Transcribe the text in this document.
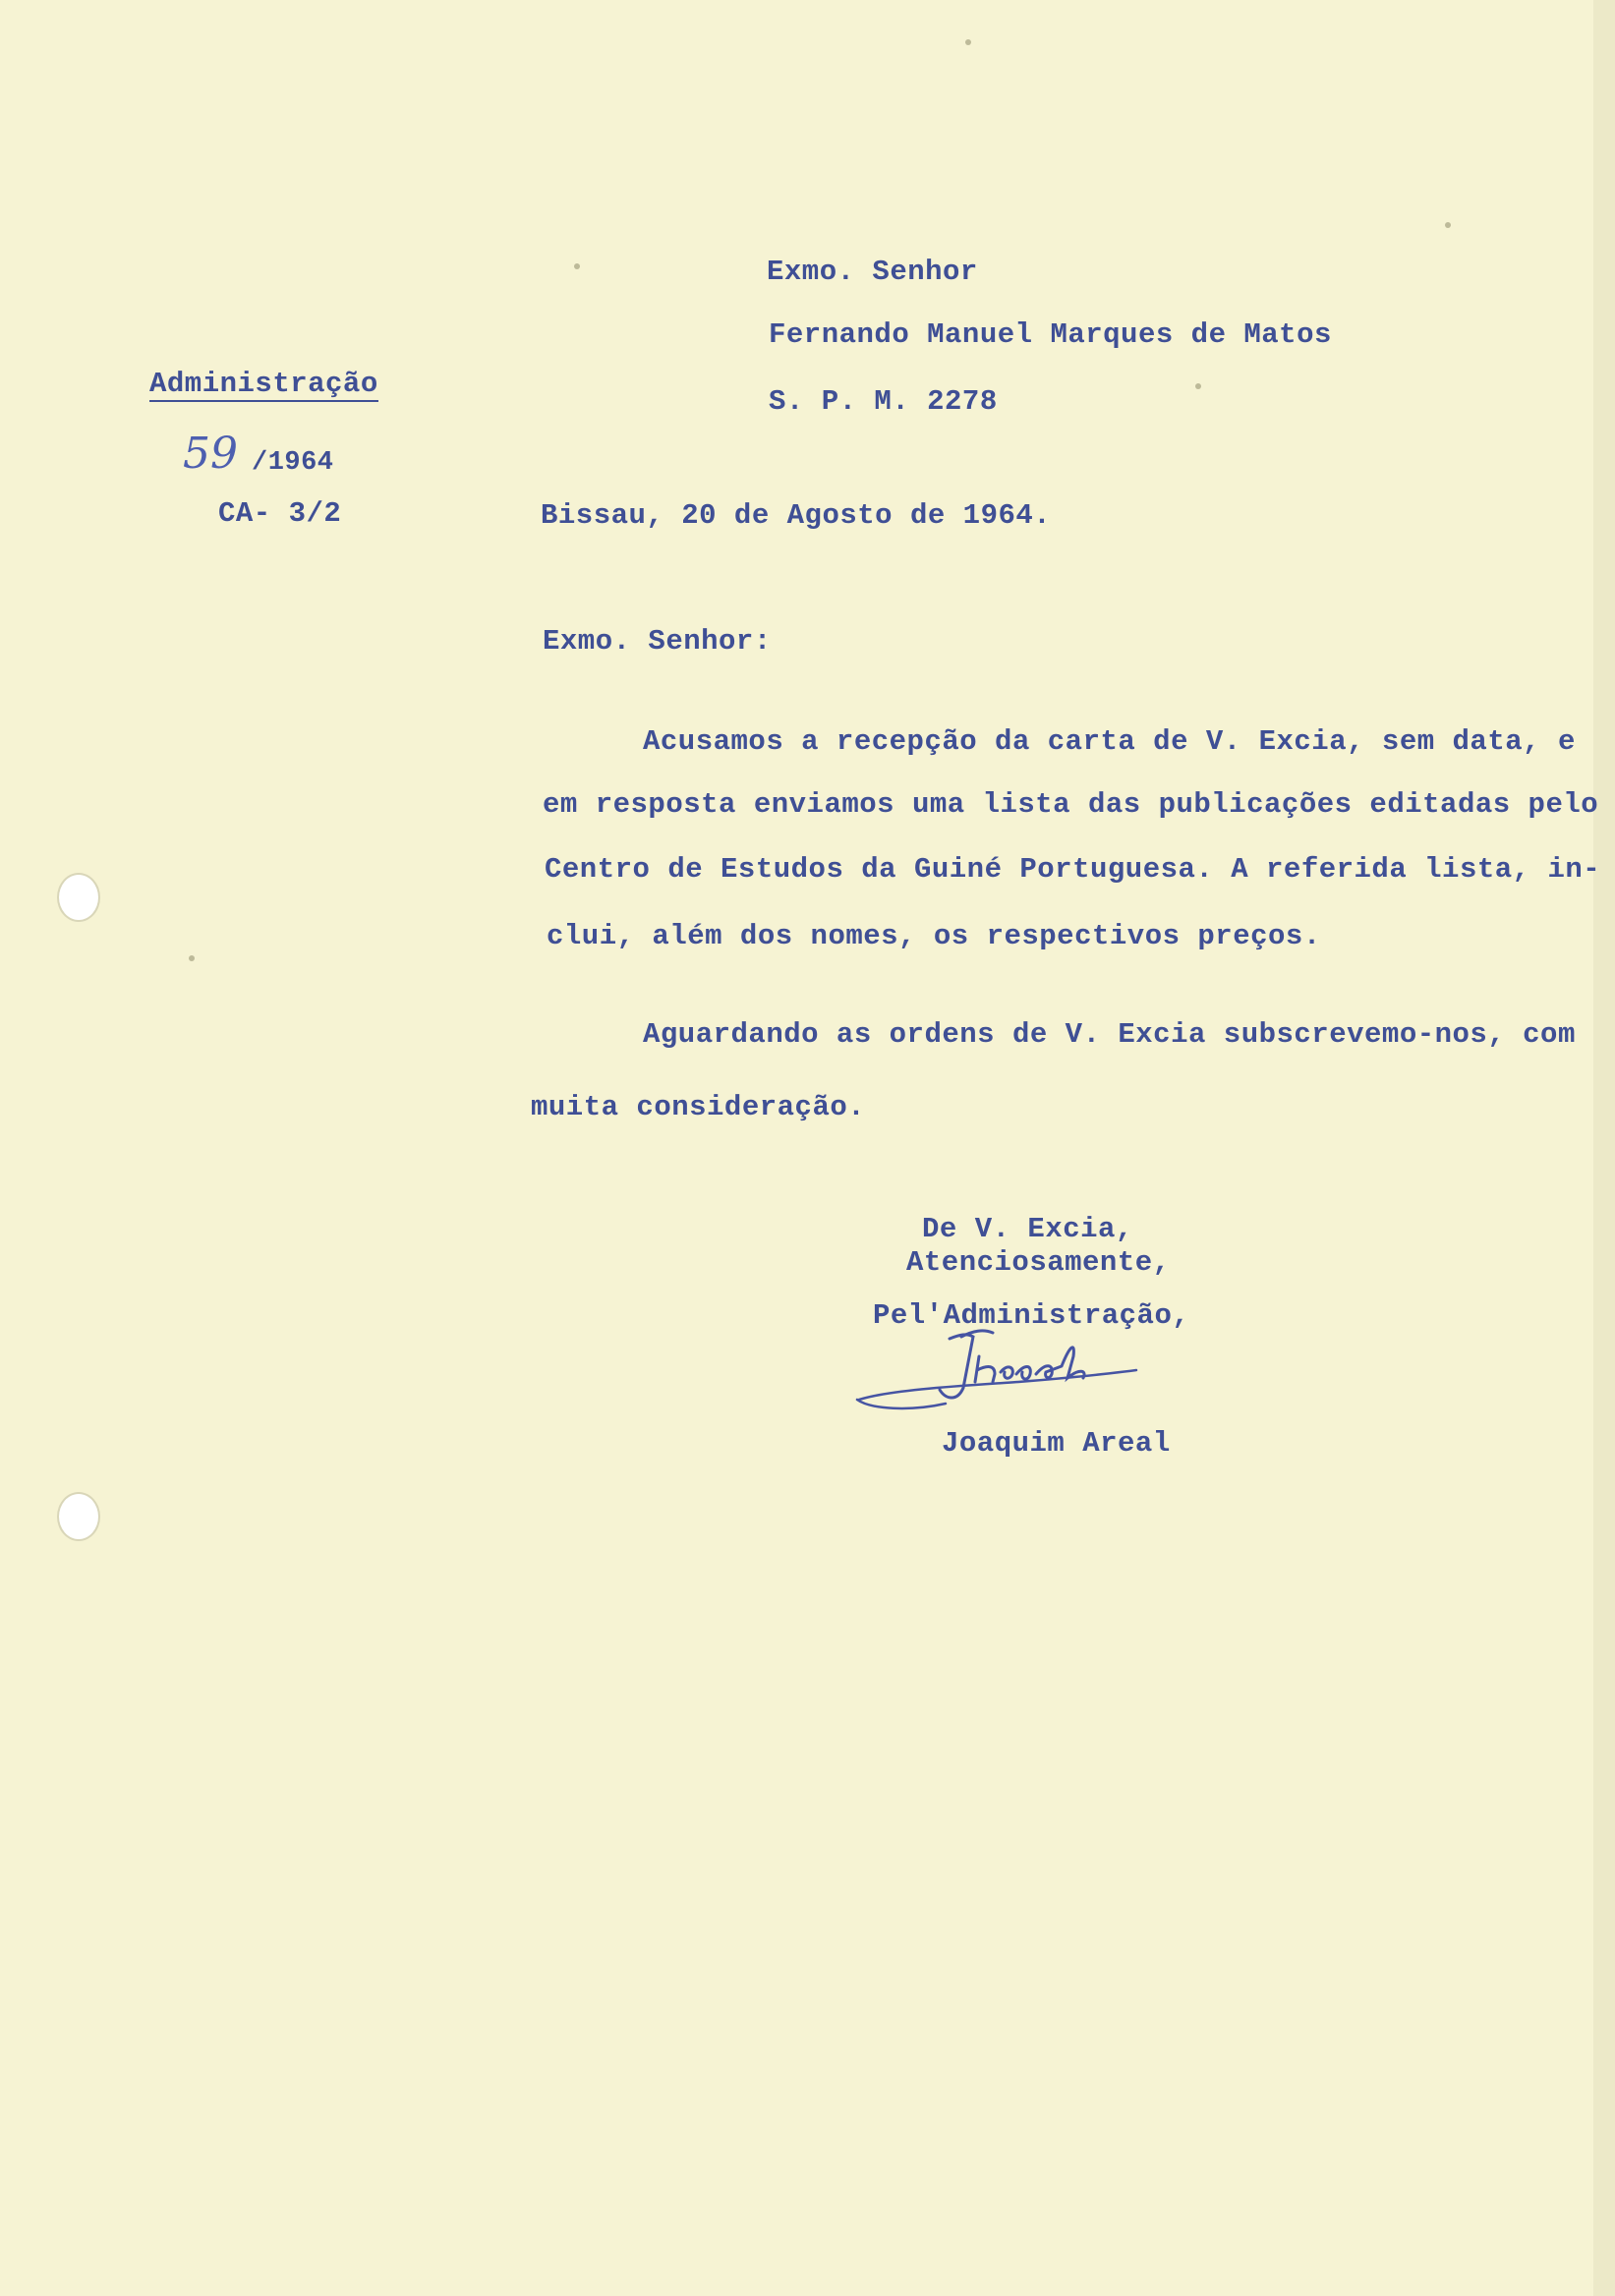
Administração
59 /1964
CA- 3/2
Exmo. Senhor
Fernando Manuel Marques de Matos
S. P. M. 2278
Bissau, 20 de Agosto de 1964.
Exmo. Senhor:
Acusamos a recepção da carta de V. Excia, sem data, e
em resposta enviamos uma lista das publicações editadas pelo
Centro de Estudos da Guiné Portuguesa. A referida lista, in-
clui, além dos nomes, os respectivos preços.
Aguardando as ordens de V. Excia subscrevemo-nos, com
muita consideração.
De V. Excia,
Atenciosamente,
Pel'Administração,
Joaquim Areal
